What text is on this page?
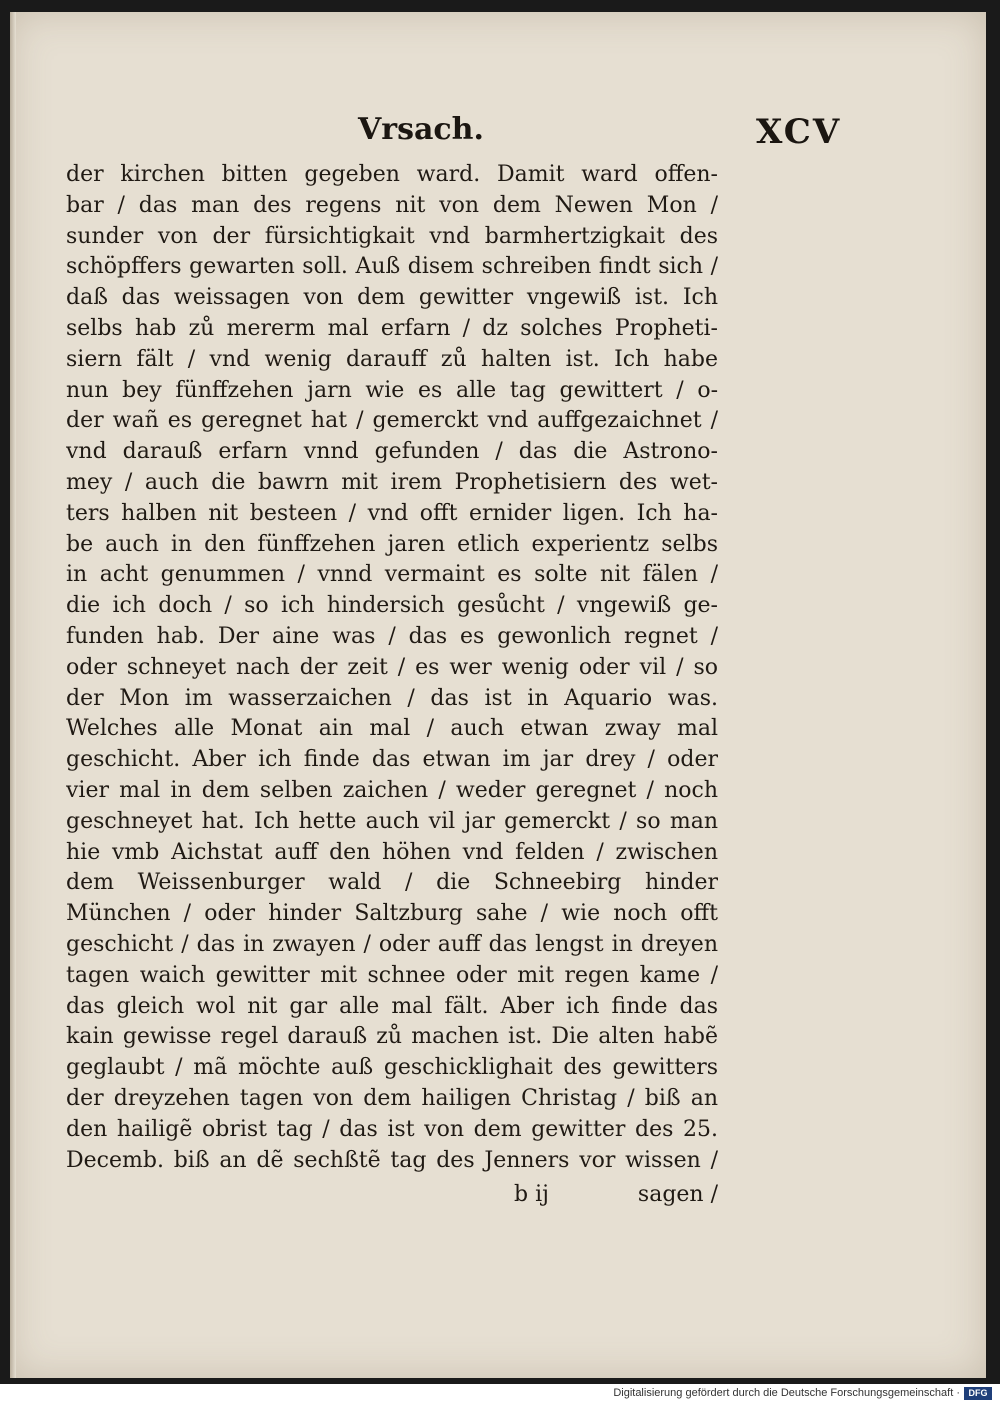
Vrsach.	XCV
der kirchen bitten gegeben ward. Damit ward offen-
bar / das man des regens nit von dem Newen Mon /
sunder von der fürsichtigkait vnd barmhertzigkait des
schöpffers gewarten soll. Auß disem schreiben findt sich /
daß das weissagen von dem gewitter vngewiß ist. Ich
selbs hab zů mererm mal erfarn / dz solches Propheti-
siern fält / vnd wenig darauff zů halten ist. Ich habe
nun bey fünffzehen jarn wie es alle tag gewittert / o-
der wañ es geregnet hat / gemerckt vnd auffgezaichnet /
vnd darauß erfarn vnnd gefunden / das die Astrono-
mey / auch die bawrn mit irem Prophetisiern des wet-
ters halben nit besteen / vnd offt ernider ligen. Ich ha-
be auch in den fünffzehen jaren etlich experientz selbs
in acht genummen / vnnd vermaint es solte nit fälen /
die ich doch / so ich hindersich gesůcht / vngewiß ge-
funden hab. Der aine was / das es gewonlich regnet /
oder schneyet nach der zeit / es wer wenig oder vil / so
der Mon im wasserzaichen / das ist in Aquario was.
Welches alle Monat ain mal / auch etwan zway mal
geschicht. Aber ich finde das etwan im jar drey / oder
vier mal in dem selben zaichen / weder geregnet / noch
geschneyet hat. Ich hette auch vil jar gemerckt / so man
hie vmb Aichstat auff den höhen vnd felden / zwischen
dem Weissenburger wald / die Schneebirg hinder
München / oder hinder Saltzburg sahe / wie noch offt
geschicht / das in zwayen / oder auff das lengst in dreyen
tagen waich gewitter mit schnee oder mit regen kame /
das gleich wol nit gar alle mal fält. Aber ich finde das
kain gewisse regel darauß zů machen ist. Die alten habẽ
geglaubt / mã möchte auß geschicklighait des gewitters
der dreyzehen tagen von dem hailigen Christag / biß an
den hailigẽ obrist tag / das ist von dem gewitter des 25.
Decemb. biß an dẽ sechßtẽ tag des Jenners vor wissen /
b ij	sagen /
Digitalisierung gefördert durch die Deutsche Forschungsgemeinschaft · DFG
